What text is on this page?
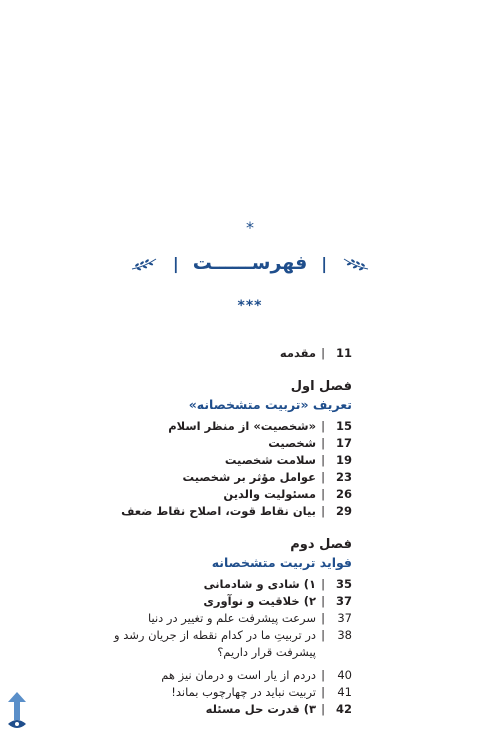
*
| فهرســــــت |
***
11
|
مقدمه
فصل اول
تعریف «تربیت متشخصانه»
15
|
«شخصیت» از منظر اسلام
17
|
شخصیت
19
|
سلامت شخصیت
23
|
عوامل مؤثر بر شخصیت
26
|
مسئولیت والدین
29
|
بیان نقاط قوت، اصلاح نقاط ضعف
فصل دوم
فواید تربیت متشخصانه
35
|
۱) شادی و شادمانی
37
|
۲) خلاقیت و نوآوری
37
|
سرعت پیشرفت علم و تغییر در دنیا
38
|
در تربیتِ ما در کدام نقطه از جریان رشد و پیشرفت قرار داریم؟
40
|
دردم از یار است و درمان نیز هم
41
|
تربیت نباید در چهارچوب بماند!
42
|
۳) قدرت حل مسئله
